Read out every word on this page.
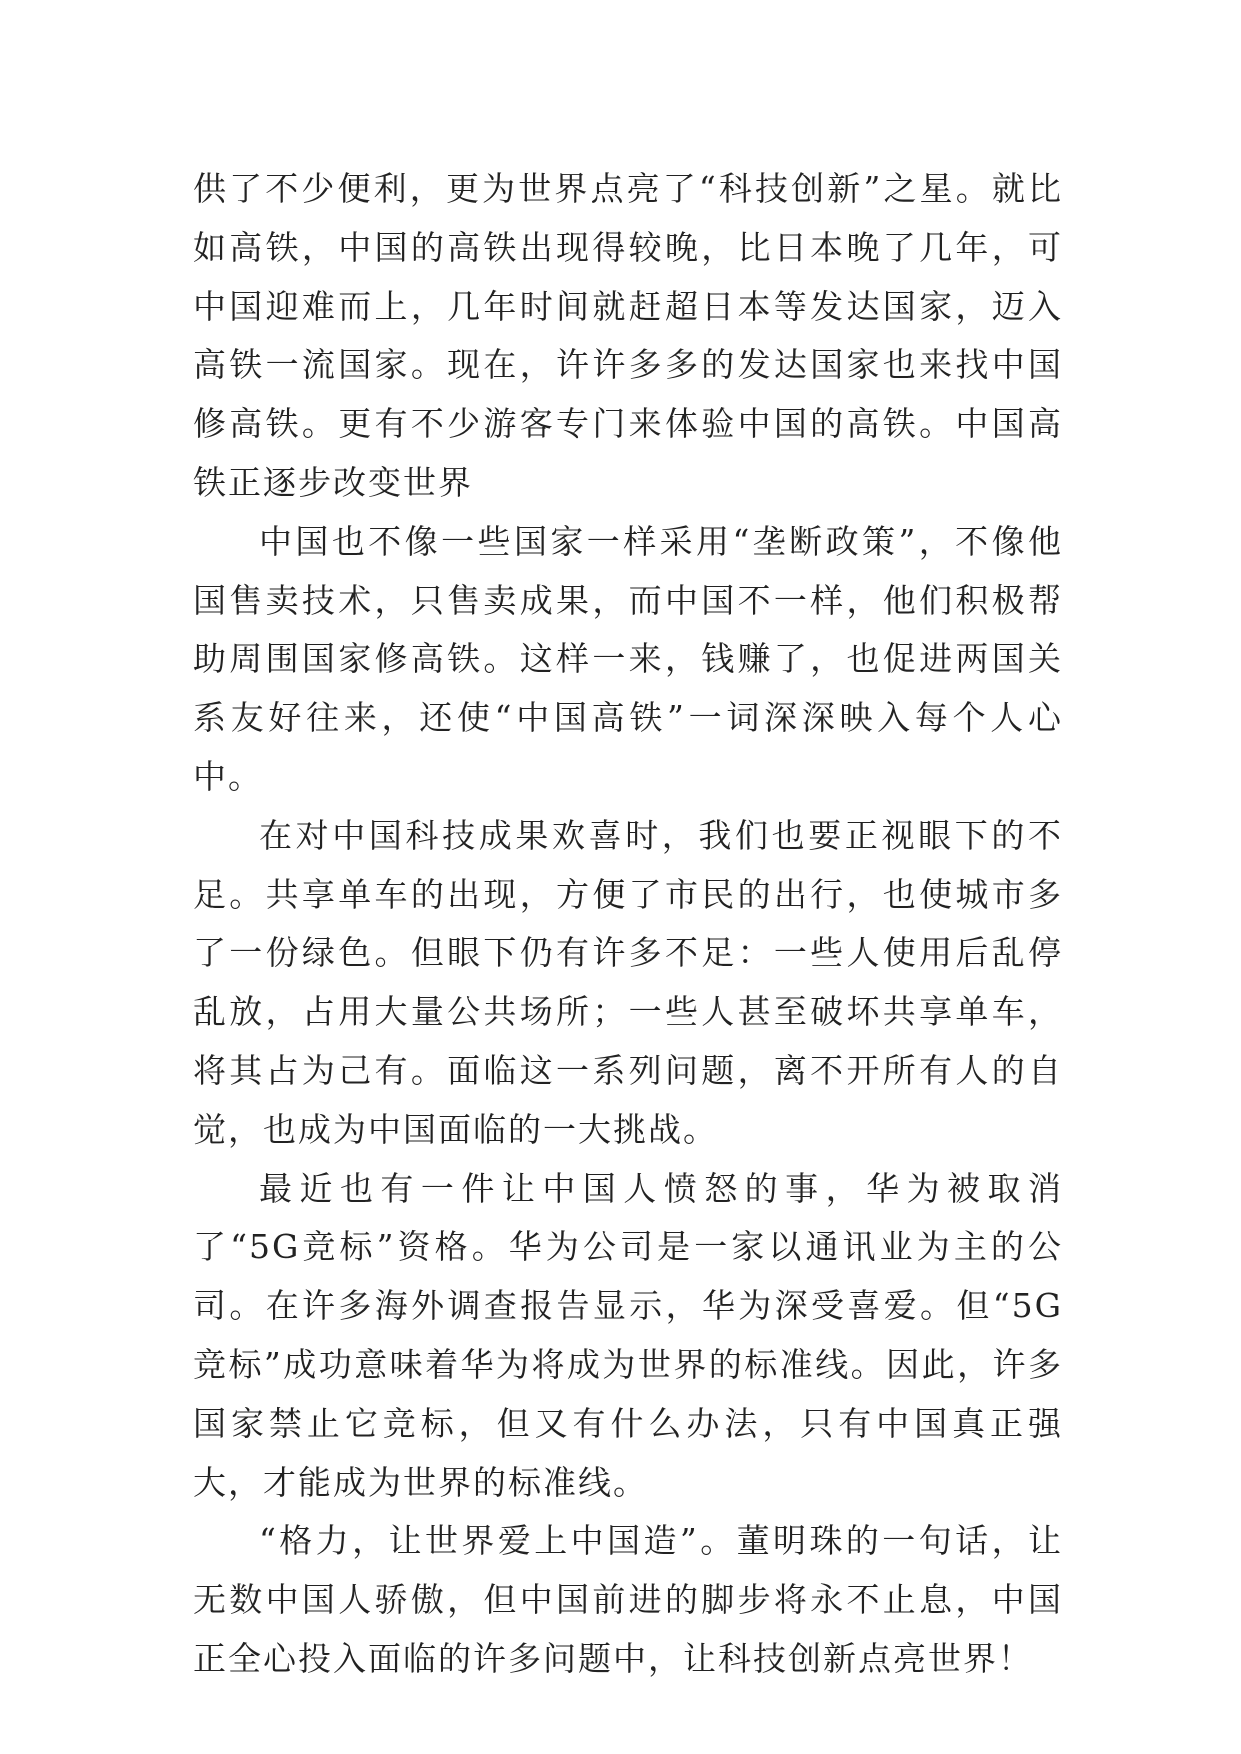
供了不少便利，更为世界点亮了“科技创新”之星。就比如高铁，中国的高铁出现得较晚，比日本晚了几年，可中国迎难而上，几年时间就赶超日本等发达国家，迈入高铁一流国家。现在，许许多多的发达国家也来找中国修高铁。更有不少游客专门来体验中国的高铁。中国高铁正逐步改变世界

中国也不像一些国家一样采用“垄断政策”，不像他国售卖技术，只售卖成果，而中国不一样，他们积极帮助周围国家修高铁。这样一来，钱赚了，也促进两国关系友好往来，还使“中国高铁”一词深深映入每个人心中。

在对中国科技成果欢喜时，我们也要正视眼下的不足。共享单车的出现，方便了市民的出行，也使城市多了一份绿色。但眼下仍有许多不足：一些人使用后乱停乱放，占用大量公共场所；一些人甚至破坏共享单车，将其占为己有。面临这一系列问题，离不开所有人的自觉，也成为中国面临的一大挑战。

最近也有一件让中国人愤怒的事，华为被取消了“5G竞标”资格。华为公司是一家以通讯业为主的公司。在许多海外调查报告显示，华为深受喜爱。但“5G竞标”成功意味着华为将成为世界的标准线。因此，许多国家禁止它竞标，但又有什么办法，只有中国真正强大，才能成为世界的标准线。

“格力，让世界爱上中国造”。董明珠的一句话，让无数中国人骄傲，但中国前进的脚步将永不止息，中国正全心投入面临的许多问题中，让科技创新点亮世界！
